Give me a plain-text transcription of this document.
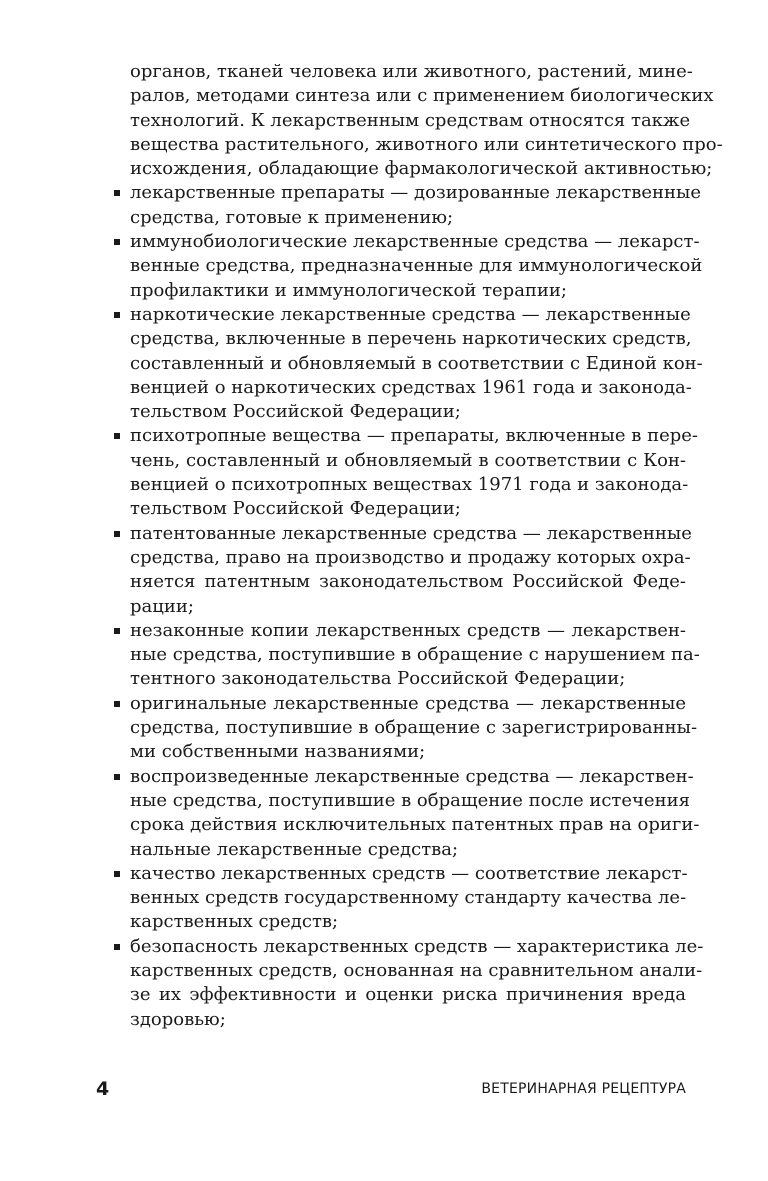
органов, тканей человека или животного, растений, мине-
ралов, методами синтеза или с применением биологических
технологий. К лекарственным средствам относятся также
вещества растительного, животного или синтетического про-
исхождения, обладающие фармакологической активностью;
лекарственные препараты — дозированные лекарственные
средства, готовые к применению;
иммунобиологические лекарственные средства — лекарст-
венные средства, предназначенные для иммунологической
профилактики и иммунологической терапии;
наркотические лекарственные средства — лекарственные
средства, включенные в перечень наркотических средств,
составленный и обновляемый в соответствии с Единой кон-
венцией о наркотических средствах 1961 года и законода-
тельством Российской Федерации;
психотропные вещества — препараты, включенные в пере-
чень, составленный и обновляемый в соответствии с Кон-
венцией о психотропных веществах 1971 года и законода-
тельством Российской Федерации;
патентованные лекарственные средства — лекарственные
средства, право на производство и продажу которых охра-
няется патентным законодательством Российской Феде-
рации;
незаконные копии лекарственных средств — лекарствен-
ные средства, поступившие в обращение с нарушением па-
тентного законодательства Российской Федерации;
оригинальные лекарственные средства — лекарственные
средства, поступившие в обращение с зарегистрированны-
ми собственными названиями;
воспроизведенные лекарственные средства — лекарствен-
ные средства, поступившие в обращение после истечения
срока действия исключительных патентных прав на ориги-
нальные лекарственные средства;
качество лекарственных средств — соответствие лекарст-
венных средств государственному стандарту качества ле-
карственных средств;
безопасность лекарственных средств — характеристика ле-
карственных средств, основанная на сравнительном анали-
зе их эффективности и оценки риска причинения вреда
здоровью;
4	ВЕТЕРИНАРНАЯ РЕЦЕПТУРА
